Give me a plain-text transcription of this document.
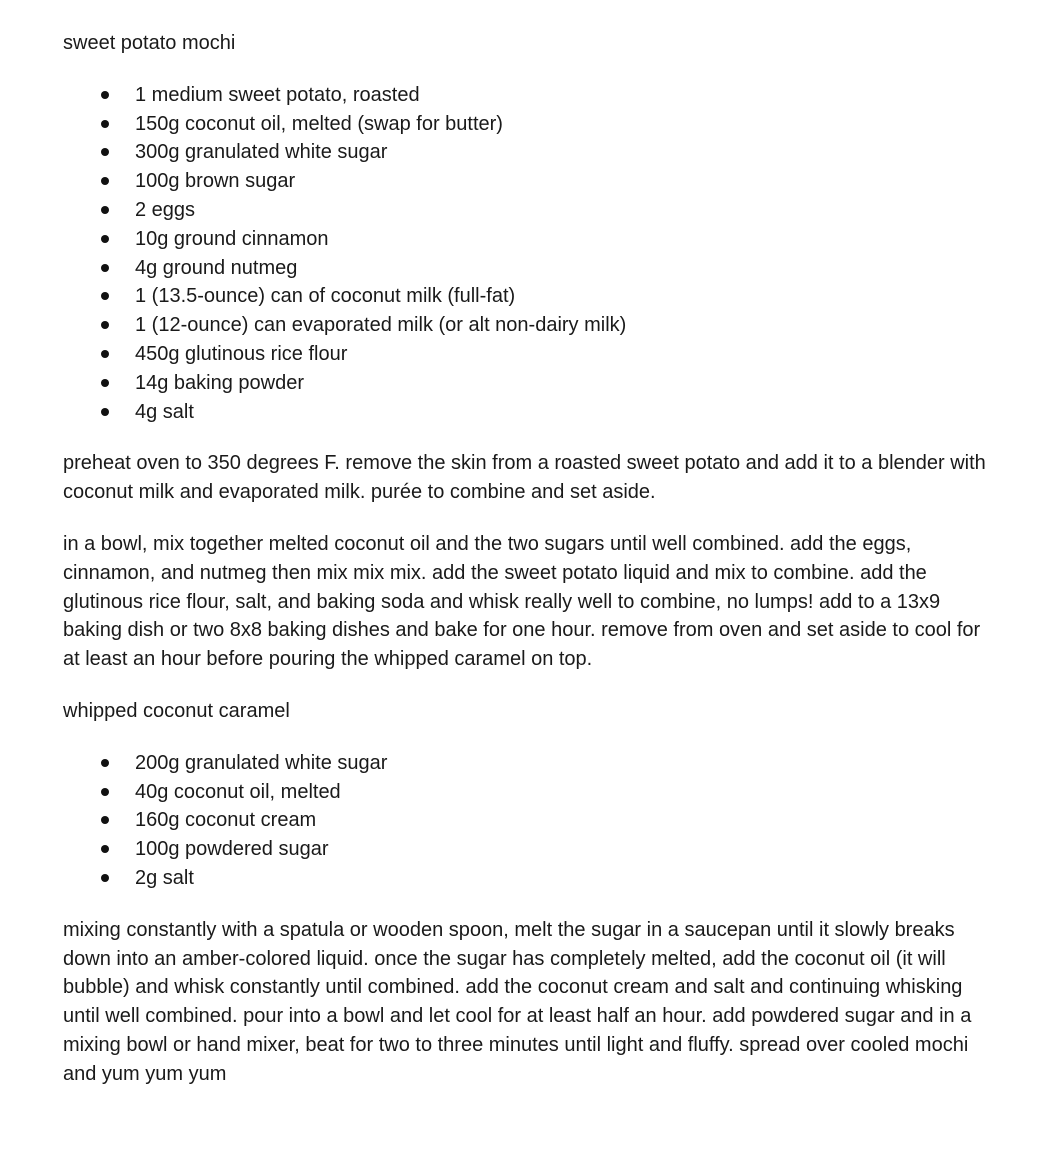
sweet potato mochi
1 medium sweet potato, roasted
150g coconut oil, melted (swap for butter)
300g granulated white sugar
100g brown sugar
2 eggs
10g ground cinnamon
4g ground nutmeg
1 (13.5-ounce) can of coconut milk (full-fat)
1 (12-ounce) can evaporated milk (or alt non-dairy milk)
450g glutinous rice flour
14g baking powder
4g salt

preheat oven to 350 degrees F. remove the skin from a roasted sweet potato and add it to a blender with coconut milk and evaporated milk. purée to combine and set aside.

in a bowl, mix together melted coconut oil and the two sugars until well combined. add the eggs, cinnamon, and nutmeg then mix mix mix. add the sweet potato liquid and mix to combine. add the glutinous rice flour, salt, and baking soda and whisk really well to combine, no lumps! add to a 13x9 baking dish or two 8x8 baking dishes and bake for one hour. remove from oven and set aside to cool for at least an hour before pouring the whipped caramel on top.

whipped coconut caramel
200g granulated white sugar
40g coconut oil, melted
160g coconut cream
100g powdered sugar
2g salt

mixing constantly with a spatula or wooden spoon, melt the sugar in a saucepan until it slowly breaks down into an amber-colored liquid. once the sugar has completely melted, add the coconut oil (it will bubble) and whisk constantly until combined. add the coconut cream and salt and continuing whisking until well combined. pour into a bowl and let cool for at least half an hour. add powdered sugar and in a mixing bowl or hand mixer, beat for two to three minutes until light and fluffy. spread over cooled mochi and yum yum yum
